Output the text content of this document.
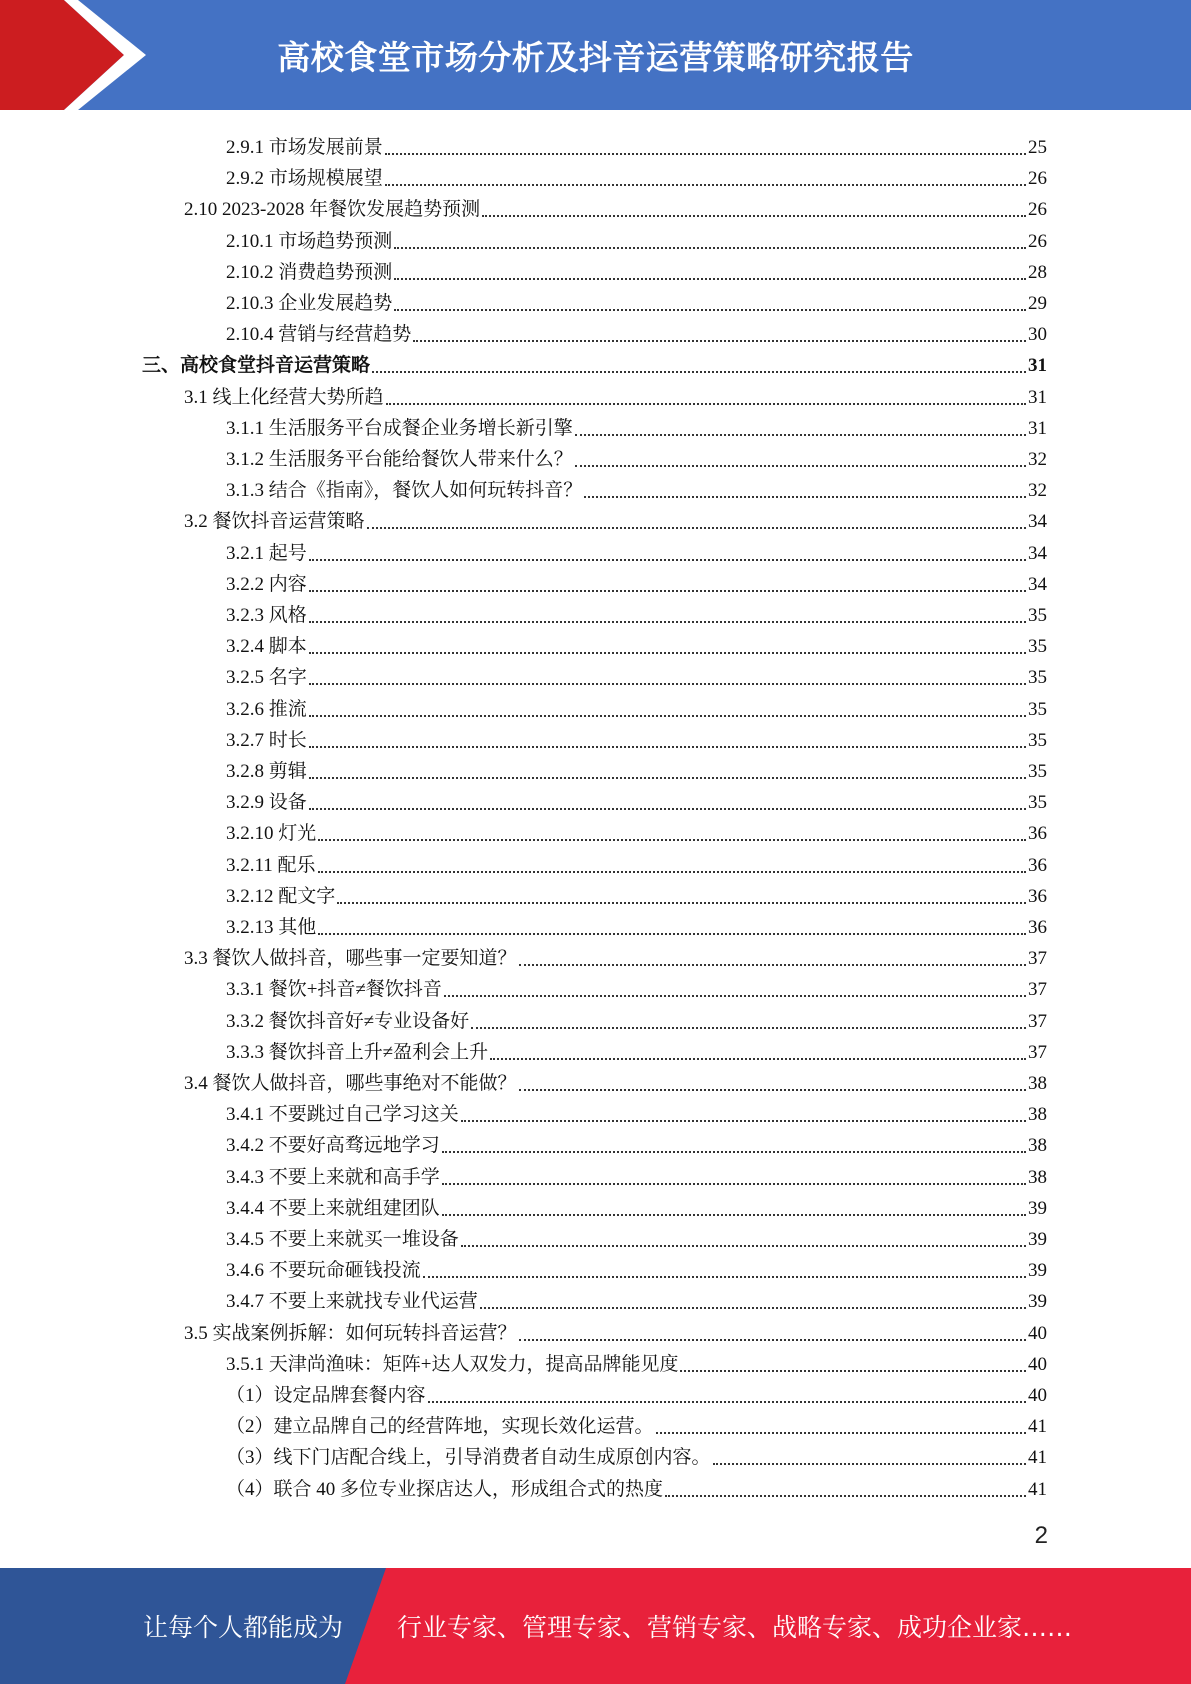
高校食堂市场分析及抖音运营策略研究报告
2.9.1 市场发展前景	25
2.9.2 市场规模展望	26
2.10 2023-2028 年餐饮发展趋势预测	26
2.10.1 市场趋势预测	26
2.10.2 消费趋势预测	28
2.10.3 企业发展趋势	29
2.10.4 营销与经营趋势	30
三、高校食堂抖音运营策略	31
3.1 线上化经营大势所趋	31
3.1.1 生活服务平台成餐企业务增长新引擎	31
3.1.2 生活服务平台能给餐饮人带来什么？	32
3.1.3 结合《指南》，餐饮人如何玩转抖音？	32
3.2 餐饮抖音运营策略	34
3.2.1 起号	34
3.2.2 内容	34
3.2.3 风格	35
3.2.4 脚本	35
3.2.5 名字	35
3.2.6 推流	35
3.2.7 时长	35
3.2.8 剪辑	35
3.2.9 设备	35
3.2.10 灯光	36
3.2.11 配乐	36
3.2.12 配文字	36
3.2.13 其他	36
3.3 餐饮人做抖音，哪些事一定要知道？	37
3.3.1 餐饮+抖音≠餐饮抖音	37
3.3.2 餐饮抖音好≠专业设备好	37
3.3.3 餐饮抖音上升≠盈利会上升	37
3.4 餐饮人做抖音，哪些事绝对不能做？	38
3.4.1 不要跳过自己学习这关	38
3.4.2 不要好高骛远地学习	38
3.4.3 不要上来就和高手学	38
3.4.4 不要上来就组建团队	39
3.4.5 不要上来就买一堆设备	39
3.4.6 不要玩命砸钱投流	39
3.4.7 不要上来就找专业代运营	39
3.5 实战案例拆解：如何玩转抖音运营？	40
3.5.1 天津尚渔味：矩阵+达人双发力，提高品牌能见度	40
（1）设定品牌套餐内容	40
（2）建立品牌自己的经营阵地，实现长效化运营。	41
（3）线下门店配合线上，引导消费者自动生成原创内容。	41
（4）联合 40 多位专业探店达人，形成组合式的热度	41
2
让每个人都能成为 行业专家、管理专家、营销专家、战略专家、成功企业家……
